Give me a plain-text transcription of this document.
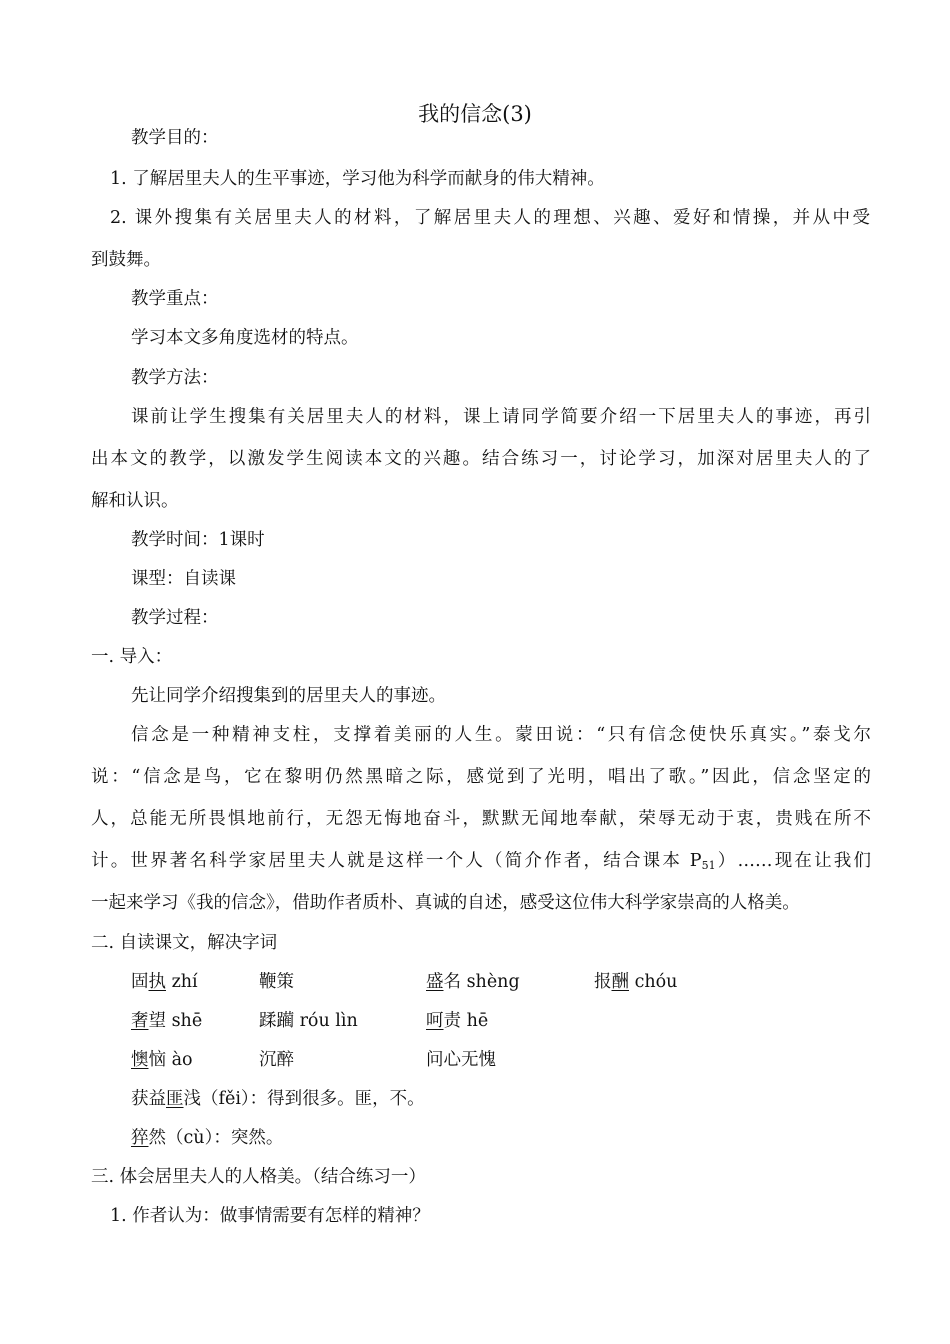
我的信念(3)
教学目的：
1. 了解居里夫人的生平事迹，学习他为科学而献身的伟大精神。
2. 课外搜集有关居里夫人的材料，了解居里夫人的理想、兴趣、爱好和情操，并从中受
到鼓舞。
教学重点：
学习本文多角度选材的特点。
教学方法：
课前让学生搜集有关居里夫人的材料，课上请同学简要介绍一下居里夫人的事迹，再引
出本文的教学，以激发学生阅读本文的兴趣。结合练习一，讨论学习，加深对居里夫人的了
解和认识。
教学时间：1课时
课型：自读课
教学过程：
一. 导入：
先让同学介绍搜集到的居里夫人的事迹。
信念是一种精神支柱，支撑着美丽的人生。蒙田说：“只有信念使快乐真实。”泰戈尔
说：“信念是鸟，它在黎明仍然黑暗之际，感觉到了光明，唱出了歌。”因此，信念坚定的
人，总能无所畏惧地前行，无怨无悔地奋斗，默默无闻地奉献，荣辱无动于衷，贵贱在所不
计。世界著名科学家居里夫人就是这样一个人（简介作者，结合课本 $P_{51})\dots\dots$现在让我们
一起来学习《我的信念》，借助作者质朴、真诚的自述，感受这位伟大科学家崇高的人格美。
二. 自读课文，解决字词
固执 zhí	鞭策	盛名 shèng	报酬 chóu
奢望 shē	蹂躏 róu lìn	呵责 hē
懊恼 ào	沉醉	问心无愧
获益匪浅（fěi）：得到很多。匪，不。
猝然（cù）：突然。
三. 体会居里夫人的人格美。（结合练习一）
1. 作者认为：做事情需要有怎样的精神？
